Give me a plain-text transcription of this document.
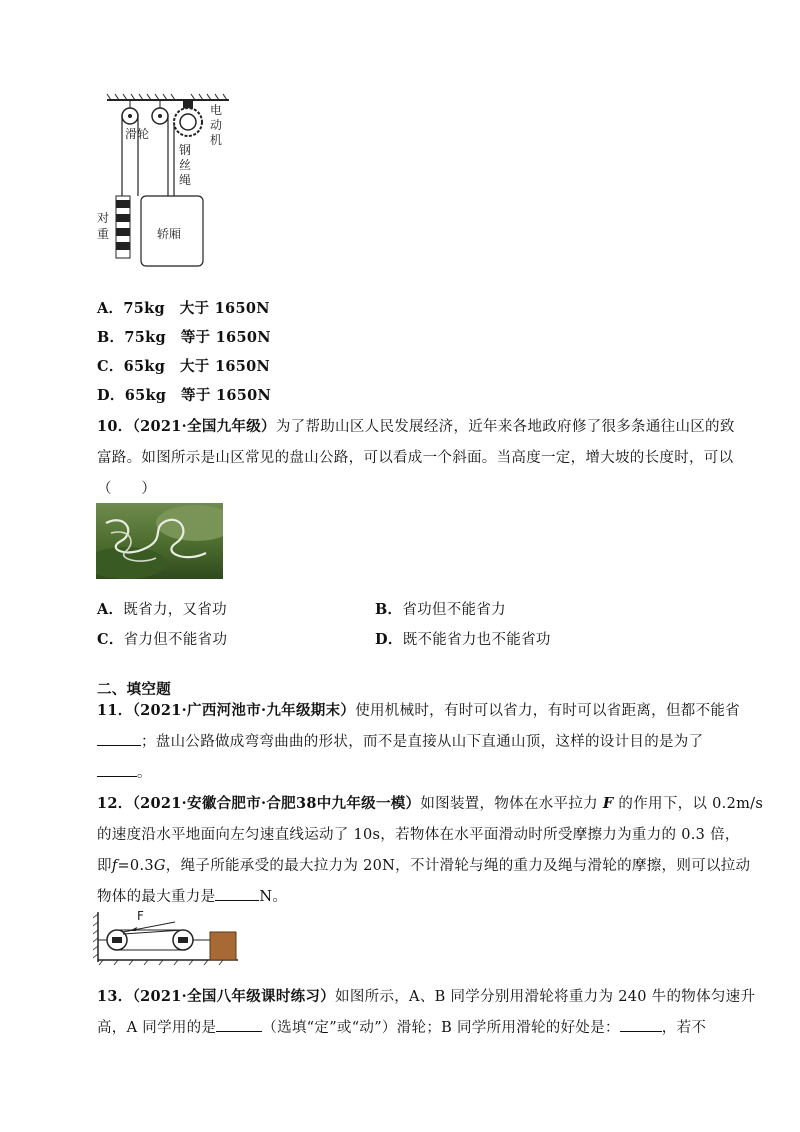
滑轮
轿厢
电
动
机
钢
丝
绳
对
重
A．75kg　大于 1650N
B．75kg　等于 1650N
C．65kg　大于 1650N
D．65kg　等于 1650N
10．（2021·全国九年级）为了帮助山区人民发展经济，近年来各地政府修了很多条通往山区的致
富路。如图所示是山区常见的盘山公路，可以看成一个斜面。当高度一定，增大坡的长度时，可以
（　　）
A．既省力，又省功	B．省功但不能省力
C．省力但不能省功	D．既不能省力也不能省功
二、填空题
11．（2021·广西河池市·九年级期末）使用机械时，有时可以省力，有时可以省距离，但都不能省
；盘山公路做成弯弯曲曲的形状，而不是直接从山下直通山顶，这样的设计目的是为了
。
12．（2021·安徽合肥市·合肥38中九年级一模）如图装置，物体在水平拉力 F 的作用下，以 0.2m/s
的速度沿水平地面向左匀速直线运动了 10s，若物体在水平面滑动时所受摩擦力为重力的 0.3 倍，
即f=0.3G，绳子所能承受的最大拉力为 20N，不计滑轮与绳的重力及绳与滑轮的摩擦，则可以拉动
物体的最大重力是	N。
F
13．（2021·全国八年级课时练习）如图所示，A、B 同学分别用滑轮将重力为 240 牛的物体匀速升
高，A 同学用的是	（选填“定”或“动”）滑轮；B 同学所用滑轮的好处是：	，若不
